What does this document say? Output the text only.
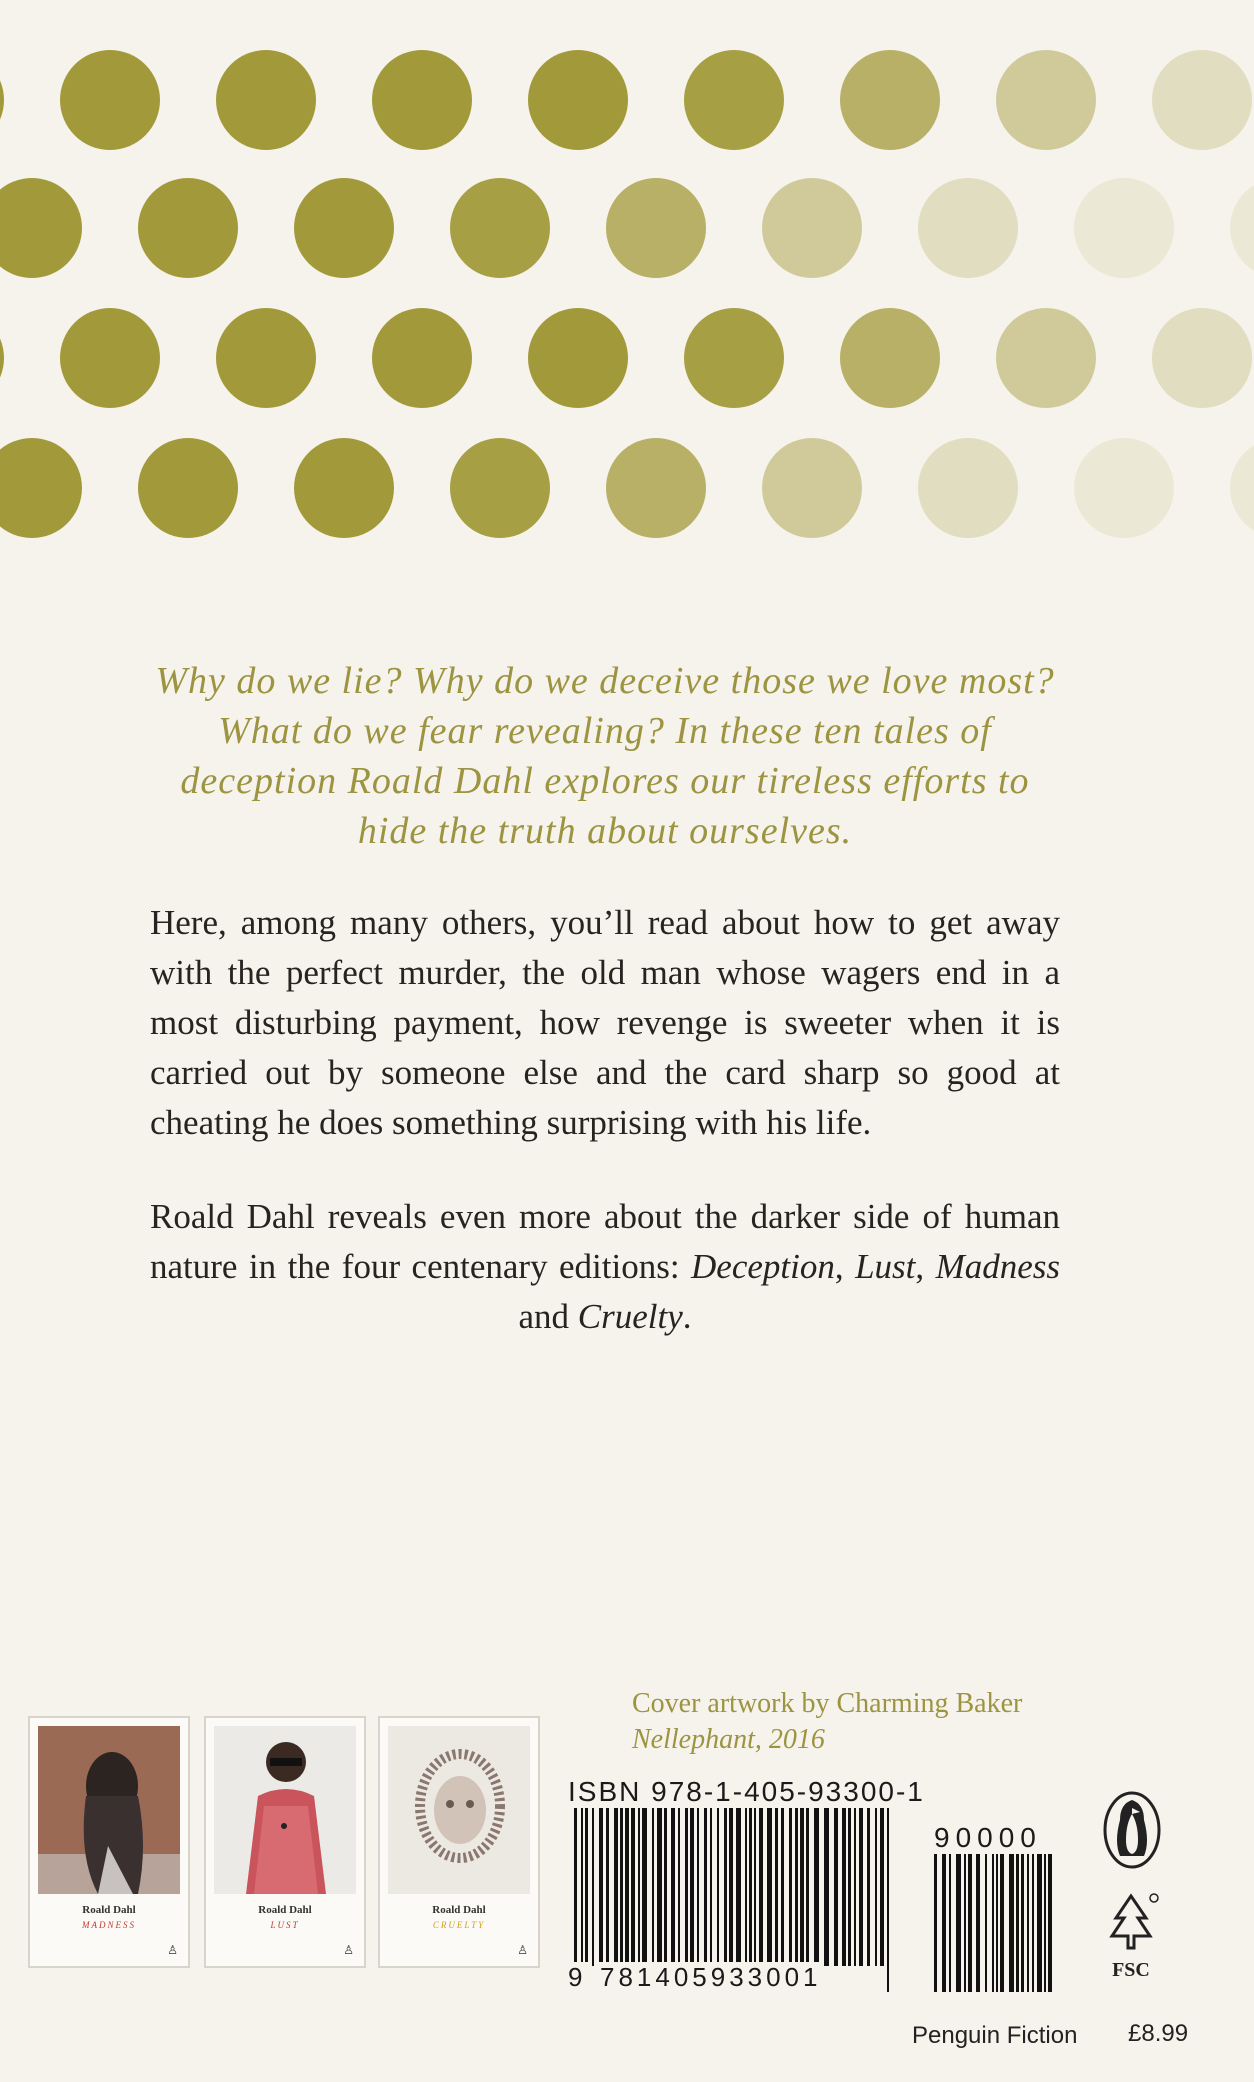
Why do we lie? Why do we deceive those we love most? What do we fear revealing? In these ten tales of deception Roald Dahl explores our tireless efforts to hide the truth about ourselves.

Here, among many others, you’ll read about how to get away with the perfect murder, the old man whose wagers end in a most disturbing payment, how revenge is sweeter when it is carried out by someone else and the card sharp so good at cheating he does something surprising with his life.

Roald Dahl reveals even more about the darker side of human nature in the four centenary editions: Deception, Lust, Madness and Cruelty.

Cover artwork by Charming Baker
Nellephant, 2016
Roald Dahl
MADNESS
♙
Roald Dahl
LUST
♙
Roald Dahl
CRUELTY
♙
ISBN 978-1-405-93300-1
9 781405933001
90000
FSC
Penguin Fiction £8.99
